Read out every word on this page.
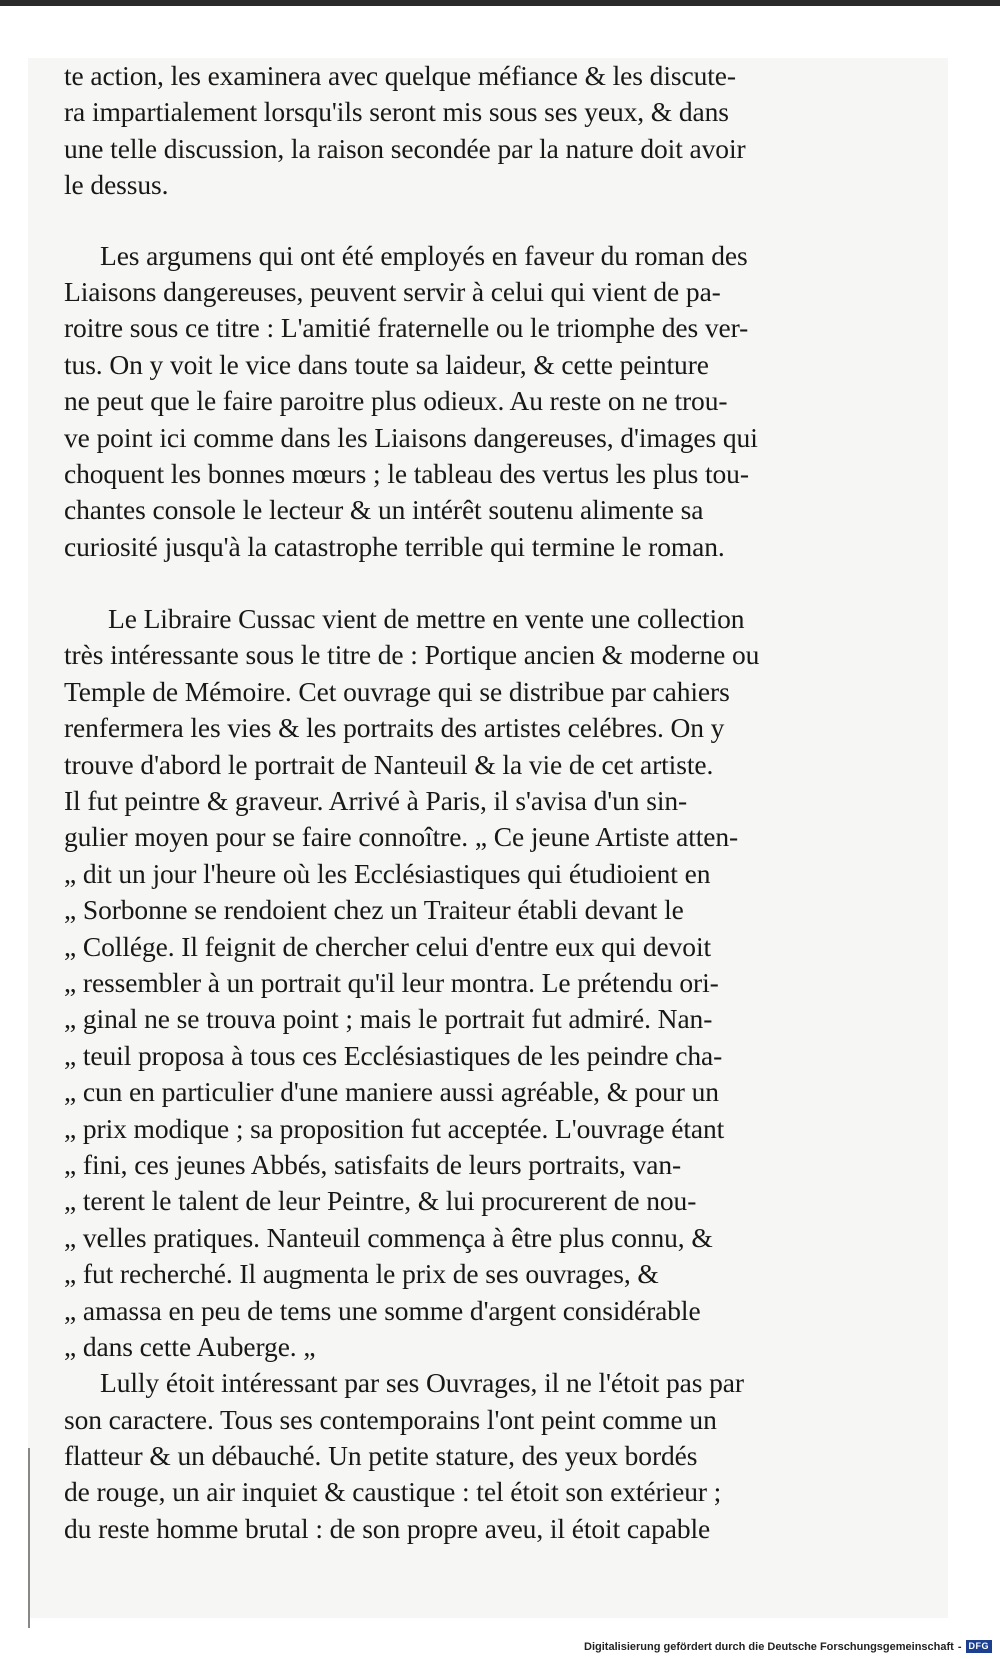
te action, les examinera avec quelque méfiance & les discute-
ra impartialement lorsqu'ils seront mis sous ses yeux, & dans
une telle discussion, la raison secondée par la nature doit avoir
le dessus.
Les argumens qui ont été employés en faveur du roman des
Liaisons dangereuses, peuvent servir à celui qui vient de pa-
roitre sous ce titre : L'amitié fraternelle ou le triomphe des ver-
tus. On y voit le vice dans toute sa laideur, & cette peinture
ne peut que le faire paroitre plus odieux. Au reste on ne trou-
ve point ici comme dans les Liaisons dangereuses, d'images qui
choquent les bonnes mœurs ; le tableau des vertus les plus tou-
chantes console le lecteur & un intérêt soutenu alimente sa
curiosité jusqu'à la catastrophe terrible qui termine le roman.
Le Libraire Cussac vient de mettre en vente une collection
très intéressante sous le titre de : Portique ancien & moderne ou
Temple de Mémoire. Cet ouvrage qui se distribue par cahiers
renfermera les vies & les portraits des artistes celébres. On y
trouve d'abord le portrait de Nanteuil & la vie de cet artiste.
Il fut peintre & graveur. Arrivé à Paris, il s'avisa d'un sin-
gulier moyen pour se faire connoître. „ Ce jeune Artiste atten-
„ dit un jour l'heure où les Ecclésiastiques qui étudioient en
„ Sorbonne se rendoient chez un Traiteur établi devant le
„ Collége. Il feignit de chercher celui d'entre eux qui devoit
„ ressembler à un portrait qu'il leur montra. Le prétendu ori-
„ ginal ne se trouva point ; mais le portrait fut admiré. Nan-
„ teuil proposa à tous ces Ecclésiastiques de les peindre cha-
„ cun en particulier d'une maniere aussi agréable, & pour un
„ prix modique ; sa proposition fut acceptée. L'ouvrage étant
„ fini, ces jeunes Abbés, satisfaits de leurs portraits, van-
„ terent le talent de leur Peintre, & lui procurerent de nou-
„ velles pratiques. Nanteuil commença à être plus connu, &
„ fut recherché. Il augmenta le prix de ses ouvrages, &
„ amassa en peu de tems une somme d'argent considérable
„ dans cette Auberge. „
Lully étoit intéressant par ses Ouvrages, il ne l'étoit pas par
son caractere. Tous ses contemporains l'ont peint comme un
flatteur & un débauché. Un petite stature, des yeux bordés
de rouge, un air inquiet & caustique : tel étoit son extérieur ;
du reste homme brutal : de son propre aveu, il étoit capable
Digitalisierung gefördert durch die Deutsche Forschungsgemeinschaft - DFG
